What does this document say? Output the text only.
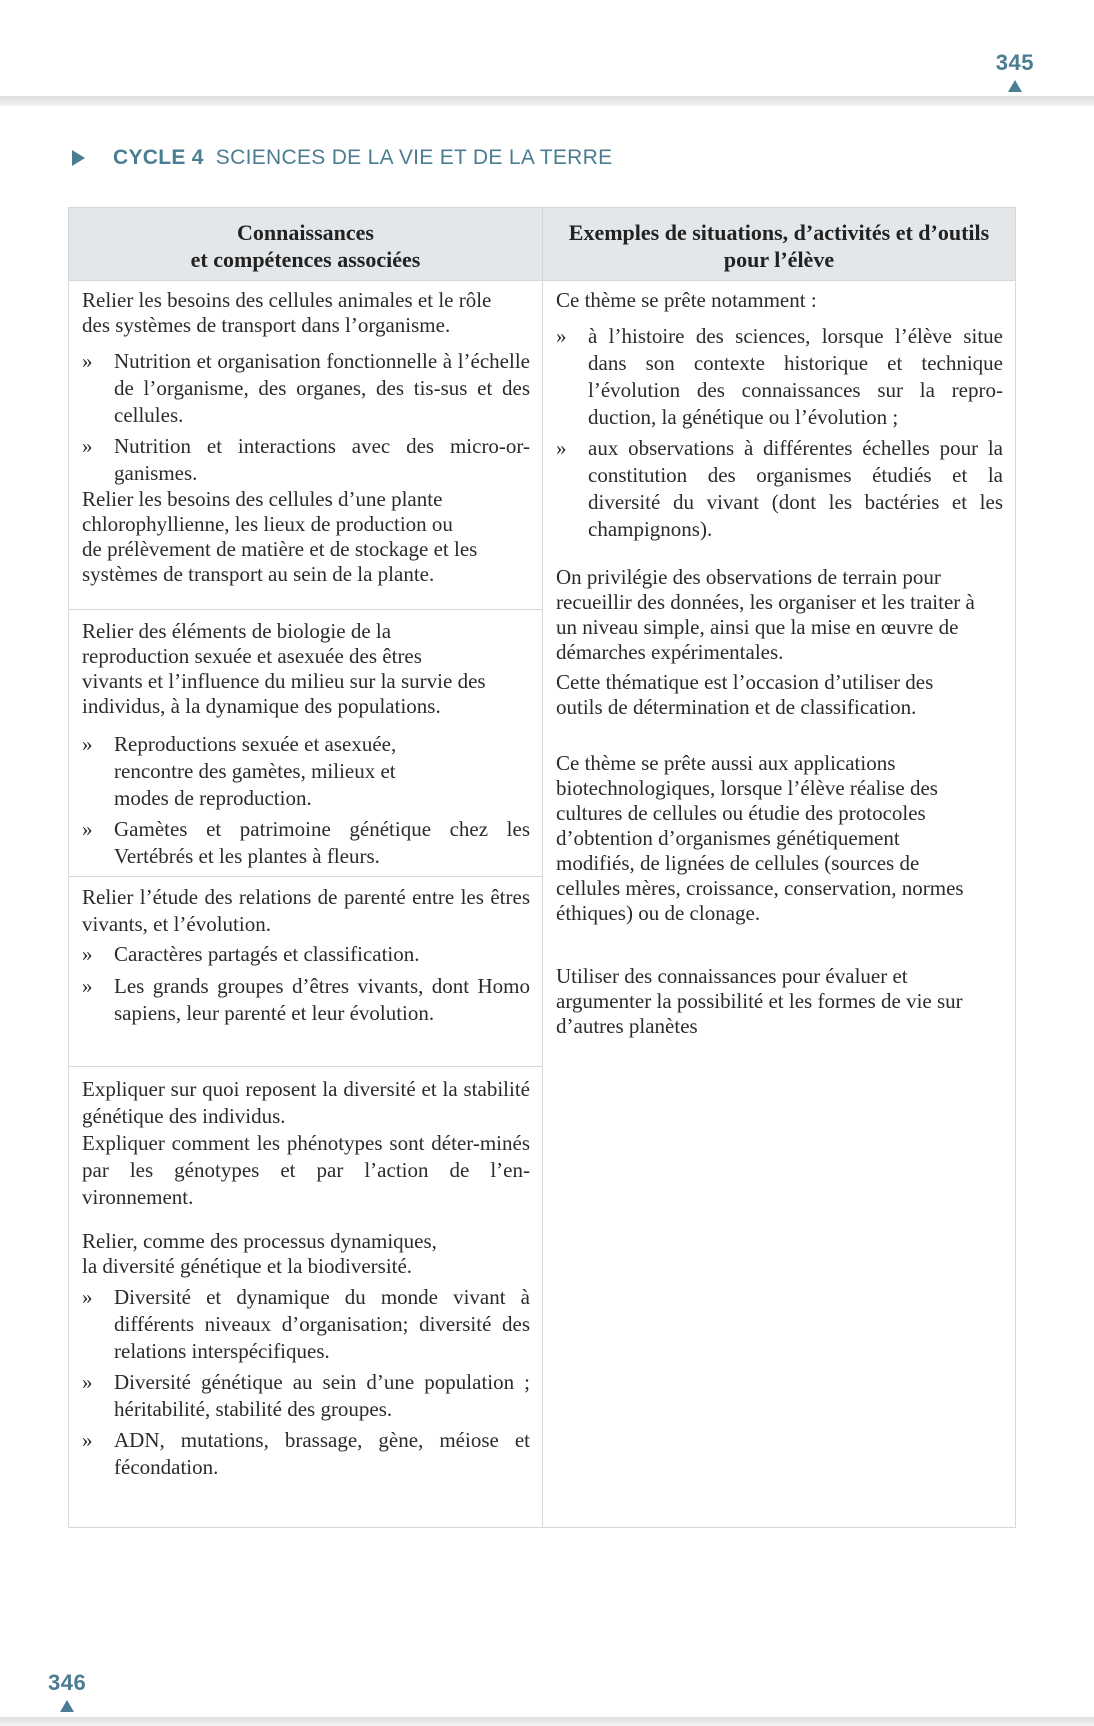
345
CYCLE 4 SCIENCES DE LA VIE ET DE LA TERRE
Connaissances
et compétences associées
Exemples de situations, d’activités et d’outils
pour l’élève

Relier les besoins des cellules animales et le rôle

des systèmes de transport dans l’organisme.

» Nutrition et organisation fonctionnelle à l’échelle de l’organisme, des organes, des tis-sus et des cellules.

» Nutrition et interactions avec des micro-or-ganismes.

Relier les besoins des cellules d’une plante

chlorophyllienne, les lieux de production ou

de prélèvement de matière et de stockage et les

systèmes de transport au sein de la plante.

Relier des éléments de biologie de la

reproduction sexuée et asexuée des êtres

vivants et l’influence du milieu sur la survie des

individus, à la dynamique des populations.

» Reproductions sexuée et asexuée, rencontre des gamètes, milieux et modes de reproduction.

» Gamètes et patrimoine génétique chez les Vertébrés et les plantes à fleurs.

Relier l’étude des relations de parenté entre les êtres vivants, et l’évolution.

» Caractères partagés et classification.

» Les grands groupes d’êtres vivants, dont Homo sapiens, leur parenté et leur évolution.

Expliquer sur quoi reposent la diversité et la stabilité génétique des individus.

Expliquer comment les phénotypes sont déter-minés par les génotypes et par l’action de l’en-vironnement.

Relier, comme des processus dynamiques,

la diversité génétique et la biodiversité.

» Diversité et dynamique du monde vivant à différents niveaux d’organisation; diversité des relations interspécifiques.

» Diversité génétique au sein d’une population ; héritabilité, stabilité des groupes.

» ADN, mutations, brassage, gène, méiose et fécondation.

Ce thème se prête notamment :

» à l’histoire des sciences, lorsque l’élève situe dans son contexte historique et technique l’évolution des connaissances sur la repro-duction, la génétique ou l’évolution ;

» aux observations à différentes échelles pour la constitution des organismes étudiés et la diversité du vivant (dont les bactéries et les champignons).

On privilégie des observations de terrain pour

recueillir des données, les organiser et les traiter à

un niveau simple, ainsi que la mise en œuvre de

démarches expérimentales.

Cette thématique est l’occasion d’utiliser des

outils de détermination et de classification.

Ce thème se prête aussi aux applications

biotechnologiques, lorsque l’élève réalise des

cultures de cellules ou étudie des protocoles

d’obtention d’organismes génétiquement

modifiés, de lignées de cellules (sources de

cellules mères, croissance, conservation, normes

éthiques) ou de clonage.

Utiliser des connaissances pour évaluer et

argumenter la possibilité et les formes de vie sur

d’autres planètes

346
